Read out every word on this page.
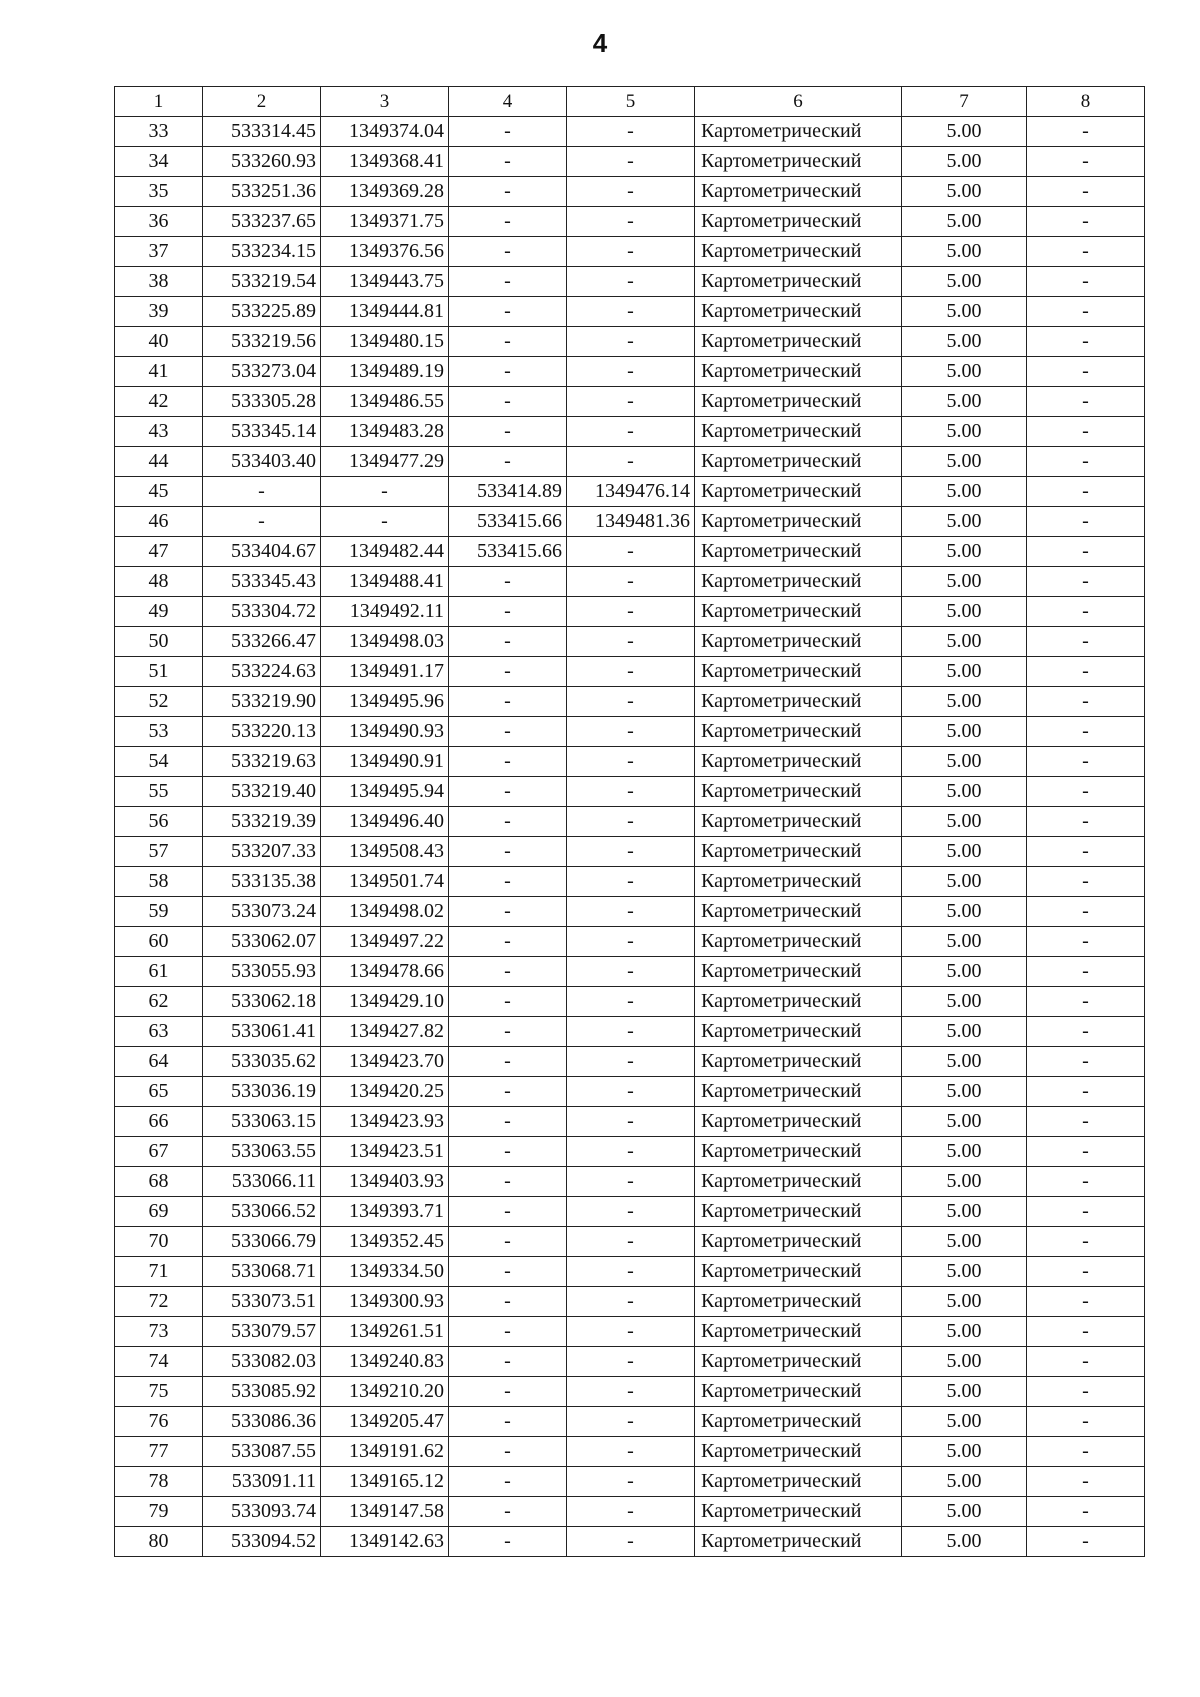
4
1	2	3	4	5	6	7	8
33	533314.45	1349374.04	-	-	Картометрический	5.00	-
34	533260.93	1349368.41	-	-	Картометрический	5.00	-
35	533251.36	1349369.28	-	-	Картометрический	5.00	-
36	533237.65	1349371.75	-	-	Картометрический	5.00	-
37	533234.15	1349376.56	-	-	Картометрический	5.00	-
38	533219.54	1349443.75	-	-	Картометрический	5.00	-
39	533225.89	1349444.81	-	-	Картометрический	5.00	-
40	533219.56	1349480.15	-	-	Картометрический	5.00	-
41	533273.04	1349489.19	-	-	Картометрический	5.00	-
42	533305.28	1349486.55	-	-	Картометрический	5.00	-
43	533345.14	1349483.28	-	-	Картометрический	5.00	-
44	533403.40	1349477.29	-	-	Картометрический	5.00	-
45	-	-	533414.89	1349476.14	Картометрический	5.00	-
46	-	-	533415.66	1349481.36	Картометрический	5.00	-
47	533404.67	1349482.44	533415.66	-	Картометрический	5.00	-
48	533345.43	1349488.41	-	-	Картометрический	5.00	-
49	533304.72	1349492.11	-	-	Картометрический	5.00	-
50	533266.47	1349498.03	-	-	Картометрический	5.00	-
51	533224.63	1349491.17	-	-	Картометрический	5.00	-
52	533219.90	1349495.96	-	-	Картометрический	5.00	-
53	533220.13	1349490.93	-	-	Картометрический	5.00	-
54	533219.63	1349490.91	-	-	Картометрический	5.00	-
55	533219.40	1349495.94	-	-	Картометрический	5.00	-
56	533219.39	1349496.40	-	-	Картометрический	5.00	-
57	533207.33	1349508.43	-	-	Картометрический	5.00	-
58	533135.38	1349501.74	-	-	Картометрический	5.00	-
59	533073.24	1349498.02	-	-	Картометрический	5.00	-
60	533062.07	1349497.22	-	-	Картометрический	5.00	-
61	533055.93	1349478.66	-	-	Картометрический	5.00	-
62	533062.18	1349429.10	-	-	Картометрический	5.00	-
63	533061.41	1349427.82	-	-	Картометрический	5.00	-
64	533035.62	1349423.70	-	-	Картометрический	5.00	-
65	533036.19	1349420.25	-	-	Картометрический	5.00	-
66	533063.15	1349423.93	-	-	Картометрический	5.00	-
67	533063.55	1349423.51	-	-	Картометрический	5.00	-
68	533066.11	1349403.93	-	-	Картометрический	5.00	-
69	533066.52	1349393.71	-	-	Картометрический	5.00	-
70	533066.79	1349352.45	-	-	Картометрический	5.00	-
71	533068.71	1349334.50	-	-	Картометрический	5.00	-
72	533073.51	1349300.93	-	-	Картометрический	5.00	-
73	533079.57	1349261.51	-	-	Картометрический	5.00	-
74	533082.03	1349240.83	-	-	Картометрический	5.00	-
75	533085.92	1349210.20	-	-	Картометрический	5.00	-
76	533086.36	1349205.47	-	-	Картометрический	5.00	-
77	533087.55	1349191.62	-	-	Картометрический	5.00	-
78	533091.11	1349165.12	-	-	Картометрический	5.00	-
79	533093.74	1349147.58	-	-	Картометрический	5.00	-
80	533094.52	1349142.63	-	-	Картометрический	5.00	-
